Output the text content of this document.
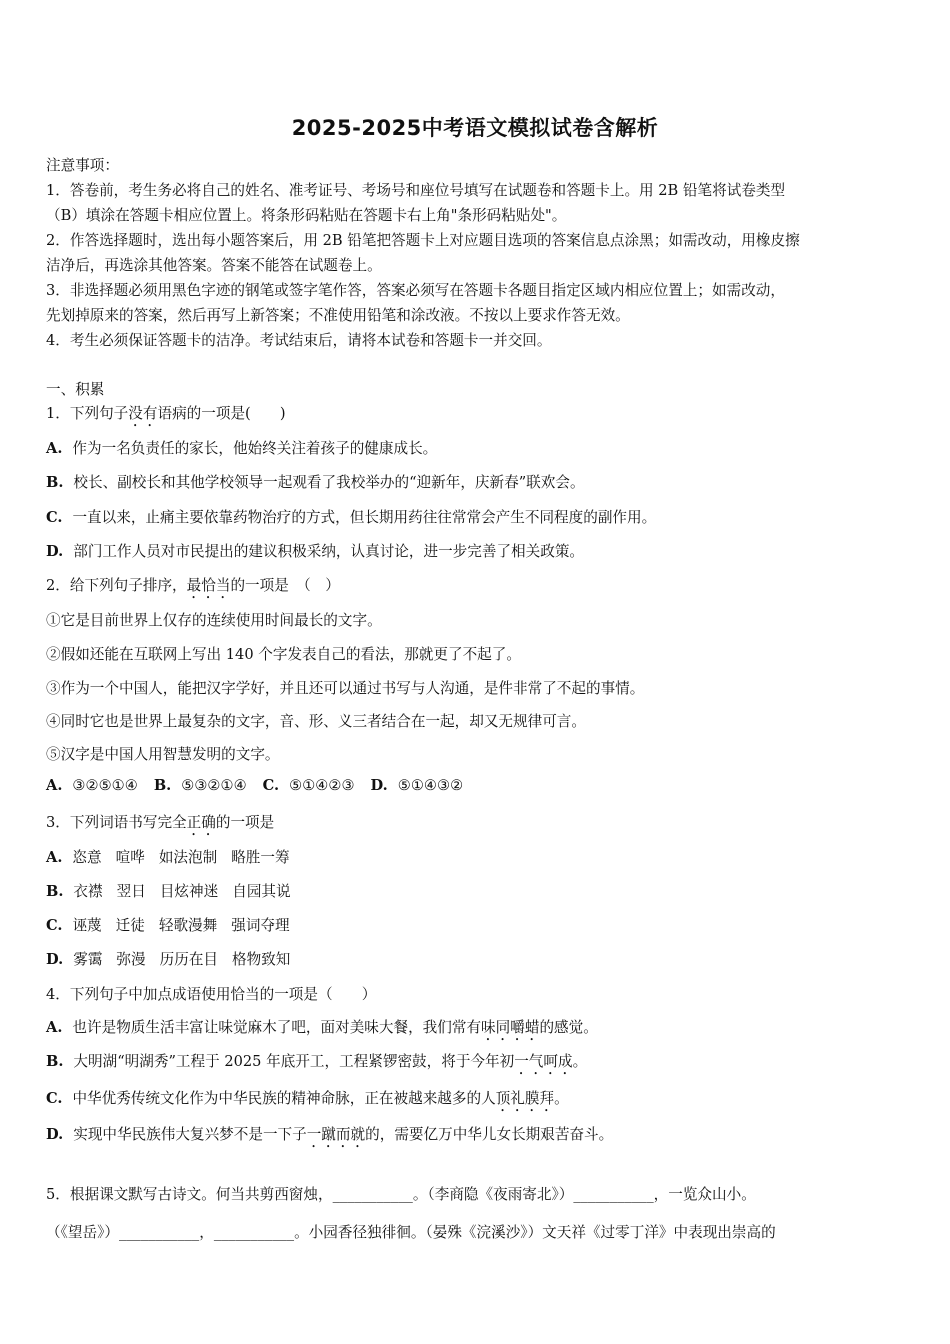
2025-2025中考语文模拟试卷含解析
注意事项：
1．答卷前，考生务必将自己的姓名、准考证号、考场号和座位号填写在试题卷和答题卡上。用 2B 铅笔将试卷类型
（B）填涂在答题卡相应位置上。将条形码粘贴在答题卡右上角"条形码粘贴处"。
2．作答选择题时，选出每小题答案后，用 2B 铅笔把答题卡上对应题目选项的答案信息点涂黑；如需改动，用橡皮擦
洁净后，再选涂其他答案。答案不能答在试题卷上。
3．非选择题必须用黑色字迹的钢笔或签字笔作答，答案必须写在答题卡各题目指定区域内相应位置上；如需改动，
先划掉原来的答案，然后再写上新答案；不准使用铅笔和涂改液。不按以上要求作答无效。
4．考生必须保证答题卡的洁净。考试结束后，请将本试卷和答题卡一并交回。
一、积累
1．下列句子没有语病的一项是(　　)
A. 作为一名负责任的家长，他始终关注着孩子的健康成长。
B. 校长、副校长和其他学校领导一起观看了我校举办的“迎新年，庆新春”联欢会。
C. 一直以来，止痛主要依靠药物治疗的方式，但长期用药往往常常会产生不同程度的副作用。
D. 部门工作人员对市民提出的建议积极采纳，认真讨论，进一步完善了相关政策。
2．给下列句子排序，最恰当的一项是　（　）
①它是目前世界上仅存的连续使用时间最长的文字。
②假如还能在互联网上写出 140 个字发表自己的看法，那就更了不起了。
③作为一个中国人，能把汉字学好，并且还可以通过书写与人沟通，是件非常了不起的事情。
④同时它也是世界上最复杂的文字，音、形、义三者结合在一起，却又无规律可言。
⑤汉字是中国人用智慧发明的文字。
A. ③②⑤①④ B. ⑤③②①④ C. ⑤①④②③ D. ⑤①④③②
3．下列词语书写完全正确的一项是
A. 恣意 喧哗 如法泡制 略胜一筹
B. 衣襟 翌日 目炫神迷 自园其说
C. 诬蔑 迁徒 轻歌漫舞 强词夺理
D. 雾霭 弥漫 历历在目 格物致知
4．下列句子中加点成语使用恰当的一项是（　　）
A. 也许是物质生活丰富让味觉麻木了吧，面对美味大餐，我们常有味同嚼蜡的感觉。
B. 大明湖“明湖秀”工程于 2025 年底开工，工程紧锣密鼓，将于今年初一气呵成。
C. 中华优秀传统文化作为中华民族的精神命脉，正在被越来越多的人顶礼膜拜。
D. 实现中华民族伟大复兴梦不是一下子一蹴而就的，需要亿万中华儿女长期艰苦奋斗。
5．根据课文默写古诗文。何当共剪西窗烛，___________。（李商隐《夜雨寄北》）___________，一览众山小。
（《望岳》）___________，___________。小园香径独徘徊。（晏殊《浣溪沙》）文天祥《过零丁洋》中表现出崇高的
